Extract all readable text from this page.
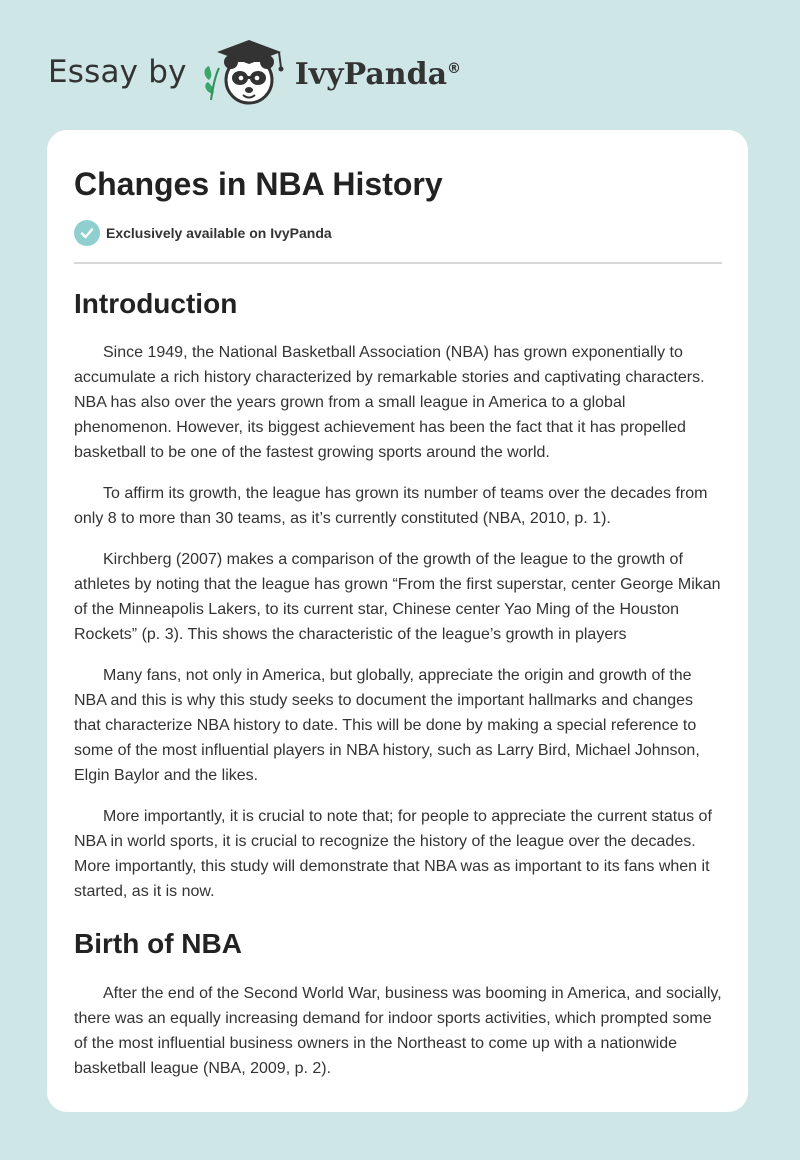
Essay by	IvyPanda®
Changes in NBA History
Exclusively available on IvyPanda
Introduction

Since 1949, the National Basketball Association (NBA) has grown exponentially to accumulate a rich history characterized by remarkable stories and captivating characters. NBA has also over the years grown from a small league in America to a global phenomenon. However, its biggest achievement has been the fact that it has propelled basketball to be one of the fastest growing sports around the world.

To affirm its growth, the league has grown its number of teams over the decades from only 8 to more than 30 teams, as it’s currently constituted (NBA, 2010, p. 1).

Kirchberg (2007) makes a comparison of the growth of the league to the growth of athletes by noting that the league has grown “From the first superstar, center George Mikan of the Minneapolis Lakers, to its current star, Chinese center Yao Ming of the Houston Rockets” (p. 3). This shows the characteristic of the league’s growth in players

Many fans, not only in America, but globally, appreciate the origin and growth of the NBA and this is why this study seeks to document the important hallmarks and changes that characterize NBA history to date. This will be done by making a special reference to some of the most influential players in NBA history, such as Larry Bird, Michael Johnson, Elgin Baylor and the likes.

More importantly, it is crucial to note that; for people to appreciate the current status of NBA in world sports, it is crucial to recognize the history of the league over the decades. More importantly, this study will demonstrate that NBA was as important to its fans when it started, as it is now.

Birth of NBA

After the end of the Second World War, business was booming in America, and socially, there was an equally increasing demand for indoor sports activities, which prompted some of the most influential business owners in the Northeast to come up with a nationwide basketball league (NBA, 2009, p. 2).
